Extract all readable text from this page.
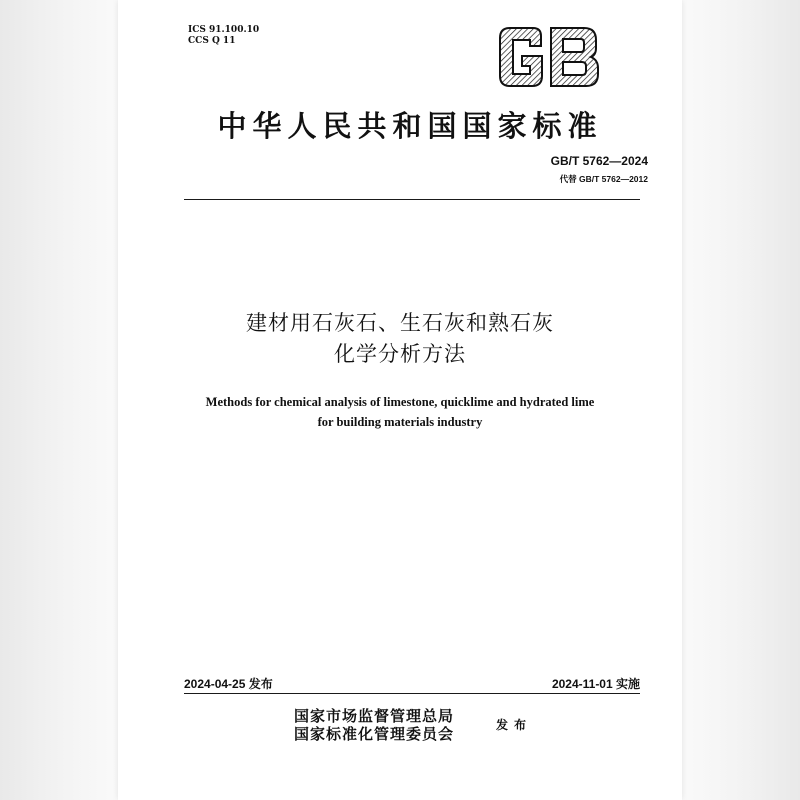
ICS 91.100.10
CCS Q 11
中华人民共和国国家标准
GB/T 5762—2024
代替 GB/T 5762—2012
建材用石灰石、生石灰和熟石灰
化学分析方法
Methods for chemical analysis of limestone, quicklime and hydrated lime
for building materials industry
2024-04-25 发布	2024-11-01 实施
国家市场监督管理总局
国家标准化管理委员会	发布
